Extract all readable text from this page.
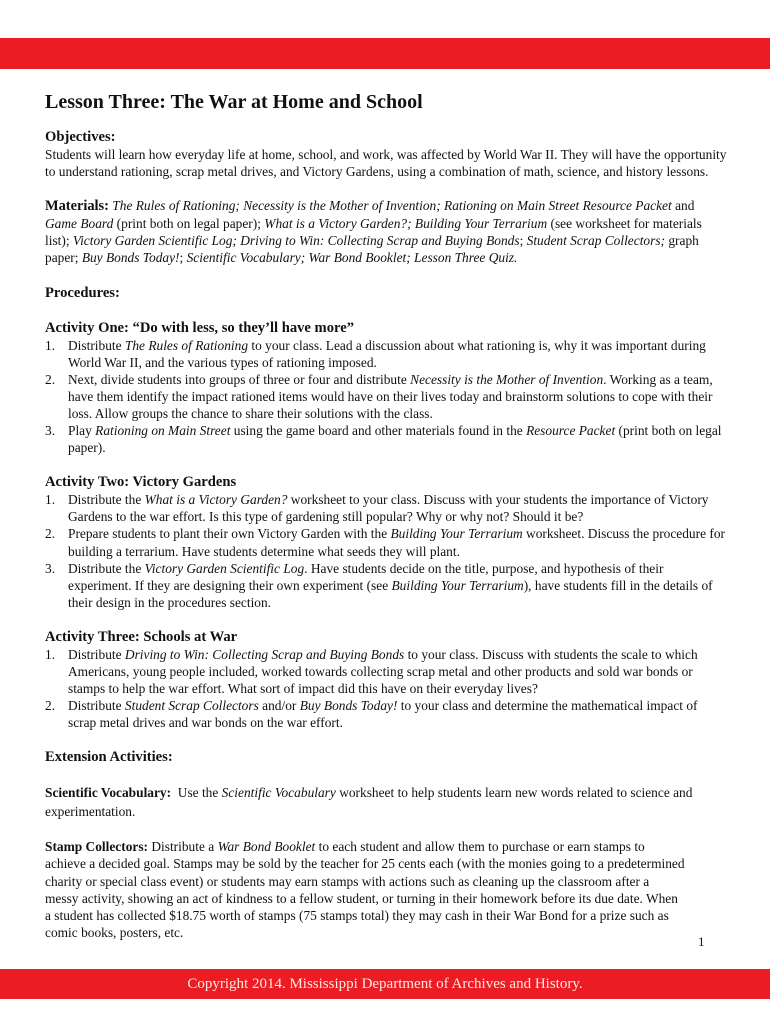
Lesson Three: The War at Home and School
Objectives:

Students will learn how everyday life at home, school, and work, was affected by World War II. They will have the opportunity to understand rationing, scrap metal drives, and Victory Gardens, using a combination of math, science, and history lessons.

Materials: The Rules of Rationing; Necessity is the Mother of Invention; Rationing on Main Street Resource Packet and Game Board (print both on legal paper); What is a Victory Garden?; Building Your Terrarium (see worksheet for materials list); Victory Garden Scientific Log; Driving to Win: Collecting Scrap and Buying Bonds; Student Scrap Collectors; graph paper; Buy Bonds Today!; Scientific Vocabulary; War Bond Booklet; Lesson Three Quiz.

Procedures:
Activity One: “Do with less, so they’ll have more”
1. Distribute The Rules of Rationing to your class. Lead a discussion about what rationing is, why it was important during World War II, and the various types of rationing imposed.
2. Next, divide students into groups of three or four and distribute Necessity is the Mother of Invention. Working as a team, have them identify the impact rationed items would have on their lives today and brainstorm solutions to cope with their loss. Allow groups the chance to share their solutions with the class.
3. Play Rationing on Main Street using the game board and other materials found in the Resource Packet (print both on legal paper).
Activity Two: Victory Gardens
1. Distribute the What is a Victory Garden? worksheet to your class. Discuss with your students the importance of Victory Gardens to the war effort. Is this type of gardening still popular? Why or why not? Should it be?
2. Prepare students to plant their own Victory Garden with the Building Your Terrarium worksheet. Discuss the procedure for building a terrarium. Have students determine what seeds they will plant.
3. Distribute the Victory Garden Scientific Log. Have students decide on the title, purpose, and hypothesis of their experiment. If they are designing their own experiment (see Building Your Terrarium), have students fill in the details of their design in the procedures section.
Activity Three: Schools at War
1. Distribute Driving to Win: Collecting Scrap and Buying Bonds to your class. Discuss with students the scale to which Americans, young people included, worked towards collecting scrap metal and other products and sold war bonds or stamps to help the war effort. What sort of impact did this have on their everyday lives?
2. Distribute Student Scrap Collectors and/or Buy Bonds Today! to your class and determine the mathematical impact of scrap metal drives and war bonds on the war effort.
Extension Activities:

Scientific Vocabulary:  Use the Scientific Vocabulary worksheet to help students learn new words related to science and experimentation.

Stamp Collectors: Distribute a War Bond Booklet to each student and allow them to purchase or earn stamps to achieve a decided goal. Stamps may be sold by the teacher for 25 cents each (with the monies going to a predetermined charity or special class event) or students may earn stamps with actions such as cleaning up the classroom after a messy activity, showing an act of kindness to a fellow student, or turning in their homework before its due date. When a student has collected $18.75 worth of stamps (75 stamps total) they may cash in their War Bond for a prize such as comic books, posters, etc.

1
Copyright 2014. Mississippi Department of Archives and History.
